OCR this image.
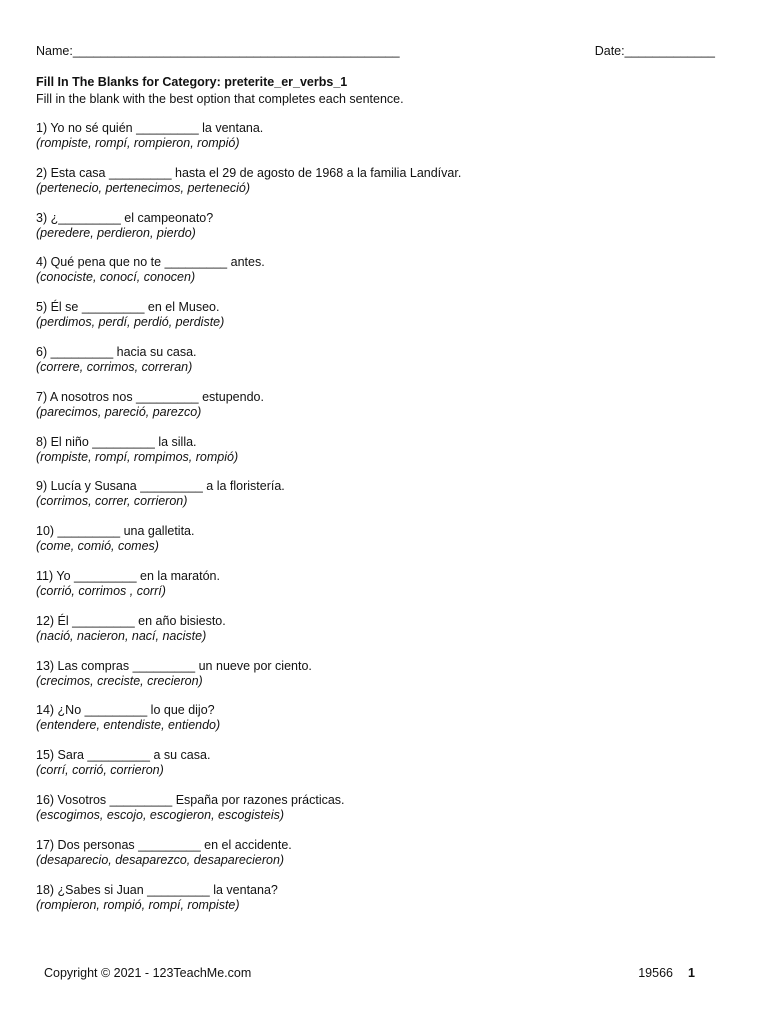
Name:_______________________________________________	Date:_____________
Fill In The Blanks for Category: preterite_er_verbs_1
Fill in the blank with the best option that completes each sentence.
1) Yo no sé quién _________ la ventana.
(rompiste, rompí, rompieron, rompió)
2) Esta casa _________ hasta el 29 de agosto de 1968 a la familia Landívar.
(pertenecio, pertenecimos, perteneció)
3) ¿_________ el campeonato?
(peredere, perdieron, pierdo)
4) Qué pena que no te _________ antes.
(conociste, conocí, conocen)
5) Él se _________ en el Museo.
(perdimos, perdí, perdió, perdiste)
6) _________ hacia su casa.
(correre, corrimos, correran)
7) A nosotros nos _________ estupendo.
(parecimos, pareció, parezco)
8) El niño _________ la silla.
(rompiste, rompí, rompimos, rompió)
9) Lucía y Susana _________ a la floristería.
(corrimos, correr, corrieron)
10) _________ una galletita.
(come, comió, comes)
11) Yo _________ en la maratón.
(corrió, corrimos , corrí)
12) Él _________ en año bisiesto.
(nació, nacieron, nací, naciste)
13) Las compras _________ un nueve por ciento.
(crecimos, creciste, crecieron)
14) ¿No _________ lo que dijo?
(entendere, entendiste, entiendo)
15) Sara _________ a su casa.
(corrí, corrió, corrieron)
16) Vosotros _________ España por razones prácticas.
(escogimos, escojo, escogieron, escogisteis)
17) Dos personas _________ en el accidente.
(desaparecio, desaparezco, desaparecieron)
18) ¿Sabes si Juan _________ la ventana?
(rompieron, rompió, rompí, rompiste)
Copyright © 2021 - 123TeachMe.com	19566 1
